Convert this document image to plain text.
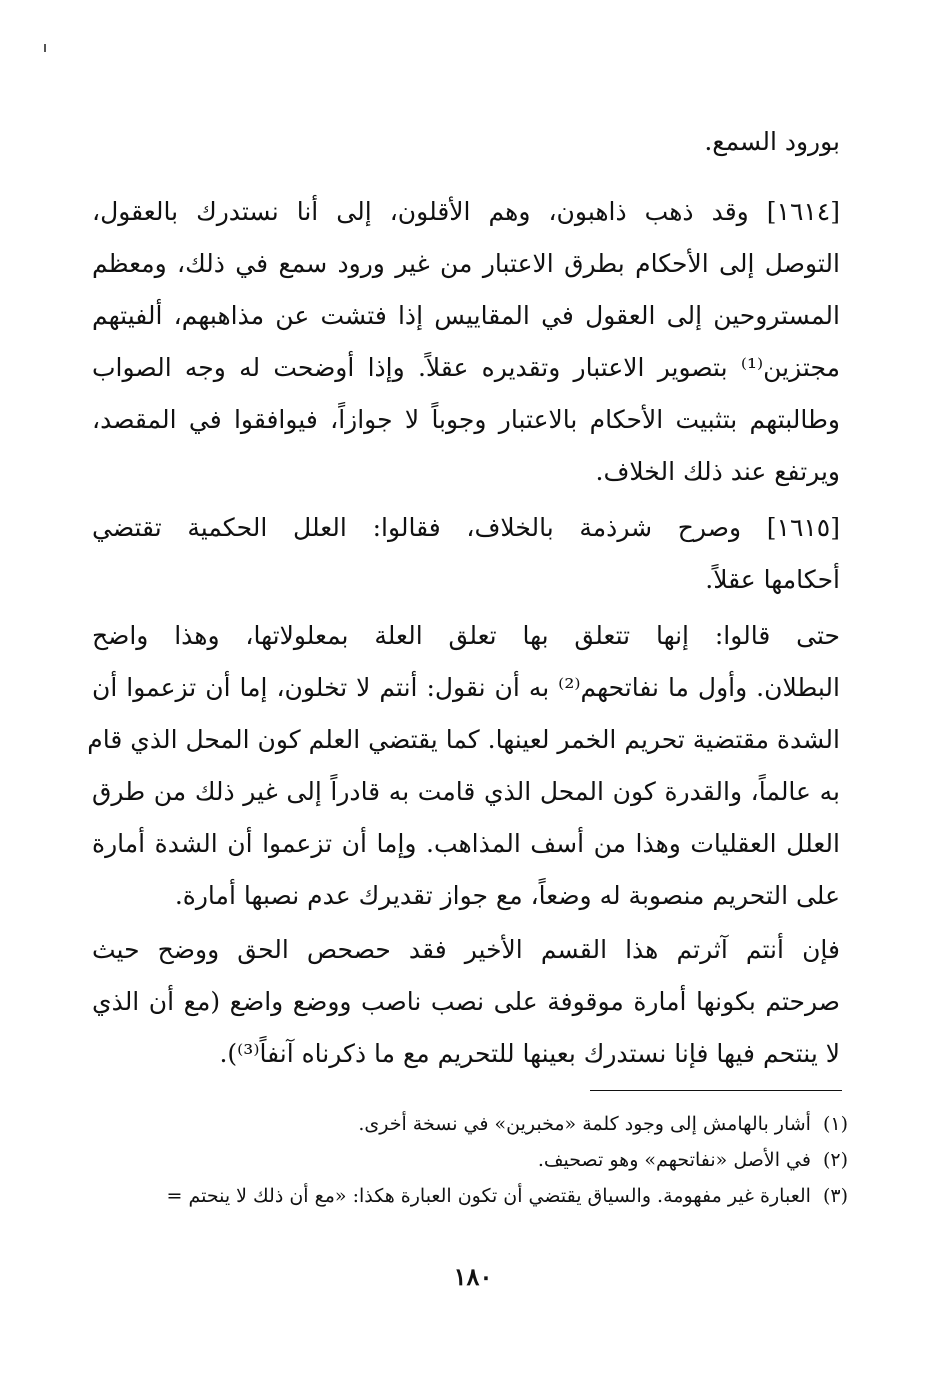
بورود السمع.
[١٦١٤] وقد ذهب ذاهبون، وهم الأقلون، إلى أنا نستدرك بالعقول،
التوصل إلى الأحكام بطرق الاعتبار من غير ورود سمع في ذلك، ومعظم
المستروحين إلى العقول في المقاييس إذا فتشت عن مذاهبهم، ألفيتهم
مجتزين⁽¹⁾ بتصوير الاعتبار وتقديره عقلاً. وإذا أوضحت له وجه الصواب
وطالبتهم بتثبيت الأحكام بالاعتبار وجوباً لا جوازاً، فيوافقوا في المقصد،
ويرتفع عند ذلك الخلاف.
[١٦١٥] وصرح شرذمة بالخلاف، فقالوا: العلل الحكمية تقتضي
أحكامها عقلاً.
حتى قالوا: إنها تتعلق بها تعلق العلة بمعلولاتها، وهذا واضح
البطلان. وأول ما نفاتحهم⁽²⁾ به أن نقول: أنتم لا تخلون، إما أن تزعموا أن
الشدة مقتضية تحريم الخمر لعينها. كما يقتضي العلم كون المحل الذي قام
به عالماً، والقدرة كون المحل الذي قامت به قادراً إلى غير ذلك من طرق
العلل العقليات وهذا من أسف المذاهب. وإما أن تزعموا أن الشدة أمارة
على التحريم منصوبة له وضعاً، مع جواز تقديرك عدم نصبها أمارة.
فإن أنتم آثرتم هذا القسم الأخير فقد حصحص الحق ووضح حيث
صرحتم بكونها أمارة موقوفة على نصب ناصب ووضع واضع (مع أن الذي
لا ينتحم فيها فإنا نستدرك بعينها للتحريم مع ما ذكرناه آنفاً⁽³⁾).
(١)أشار بالهامش إلى وجود كلمة «مخبرين» في نسخة أخرى.
(٢)في الأصل «نفاتحهم» وهو تصحيف.
(٣)العبارة غير مفهومة. والسياق يقتضي أن تكون العبارة هكذا: «مع أن ذلك لا ينحتم =
١٨٠
